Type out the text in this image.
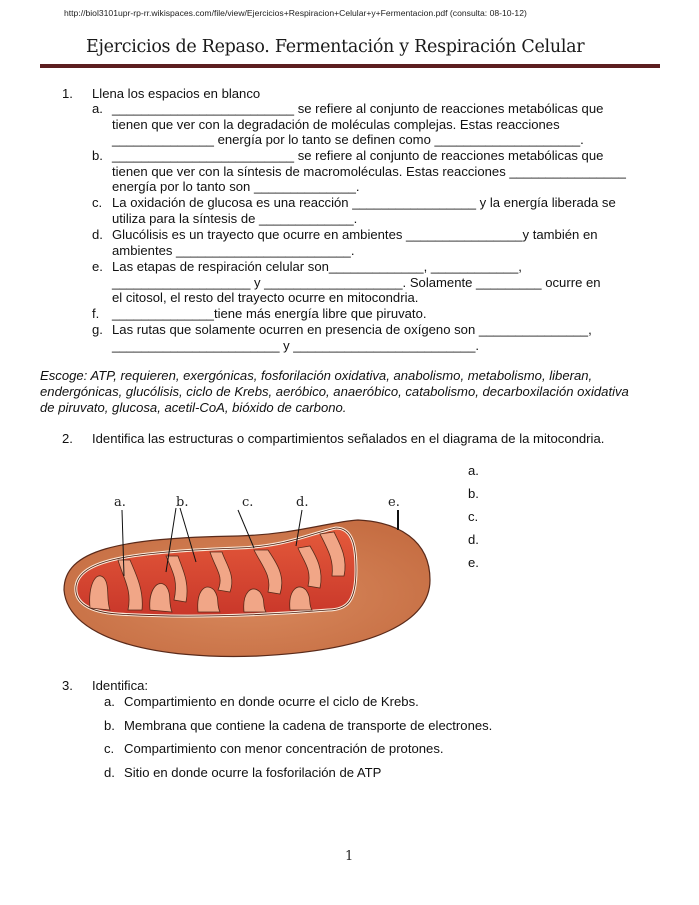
http://biol3101upr-rp-rr.wikispaces.com/file/view/Ejercicios+Respiracion+Celular+y+Fermentacion.pdf (consulta: 08-10-12)
Ejercicios de Repaso. Fermentación y Respiración Celular
1. Llena los espacios en blanco
a. _________________________ se refiere al conjunto de reacciones metabólicas que
tienen que ver con la degradación de moléculas complejas. Estas reacciones
______________ energía por lo tanto se definen como ____________________.
b. _________________________ se refiere al conjunto de reacciones metabólicas que
tienen que ver con la síntesis de macromoléculas. Estas reacciones ________________
energía por lo tanto son ______________.
c. La oxidación de glucosa es una reacción _________________ y la energía liberada se
utiliza para la síntesis de _____________.
d. Glucólisis es un trayecto que ocurre en ambientes ________________y también en
ambientes ________________________.
e. Las etapas de respiración celular son_____________, ____________,
___________________ y ___________________. Solamente _________ ocurre en
el citosol, el resto del trayecto ocurre en mitocondria.
f. ______________tiene más energía libre que piruvato.
g. Las rutas que solamente ocurren en presencia de oxígeno son _______________,
_______________________ y _________________________.
Escoge: ATP, requieren, exergónicas, fosforilación oxidativa, anabolismo, metabolismo, liberan,
endergónicas, glucólisis, ciclo de Krebs, aeróbico, anaeróbico, catabolismo, decarboxilación oxidativa
de piruvato, glucosa, acetil-CoA, bióxido de carbono.
2. Identifica las estructuras o compartimientos señalados en el diagrama de la mitocondria.
a.	b.	c.	d.	e.
a.
b.
c.
d.
e.
3. Identifica:
a. Compartimiento en donde ocurre el ciclo de Krebs.
b. Membrana que contiene la cadena de transporte de electrones.
c. Compartimiento con menor concentración de protones.
d. Sitio en donde ocurre la fosforilación de ATP
1
